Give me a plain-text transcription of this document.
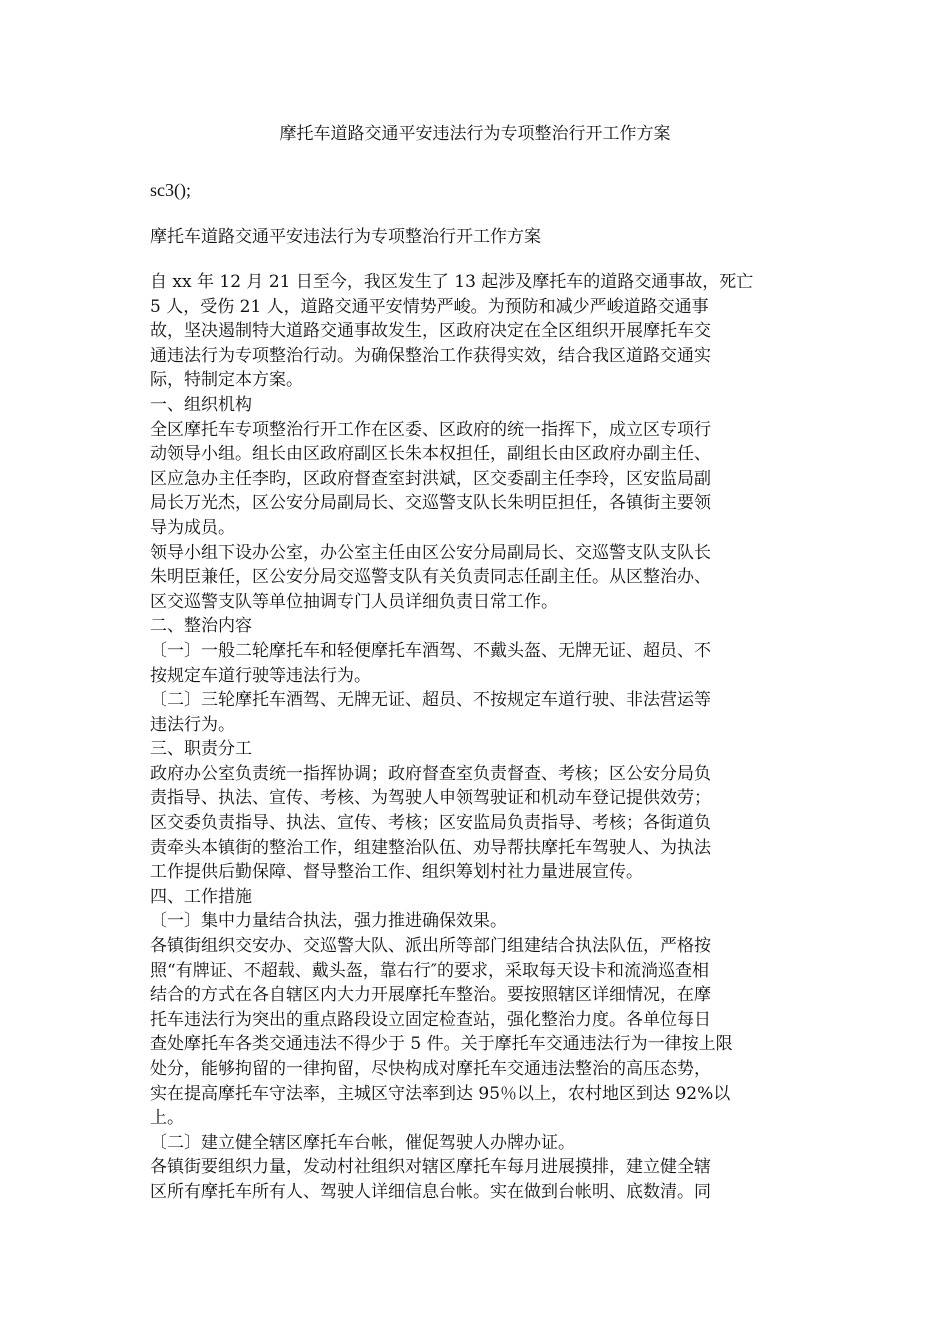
摩托车道路交通平安违法行为专项整治行开工作方案
sc3();
摩托车道路交通平安违法行为专项整治行开工作方案

自 xx 年 12 月 21 日至今，我区发生了 13 起涉及摩托车的道路交通事故，死亡

5 人，受伤 21 人，道路交通平安情势严峻。为预防和减少严峻道路交通事

故，坚决遏制特大道路交通事故发生，区政府决定在全区组织开展摩托车交

通违法行为专项整治行动。为确保整治工作获得实效，结合我区道路交通实

际，特制定本方案。

一、组织机构

全区摩托车专项整治行开工作在区委、区政府的统一指挥下，成立区专项行

动领导小组。组长由区政府副区长朱本权担任，副组长由区政府办副主任、

区应急办主任李昀，区政府督查室封洪斌，区交委副主任李玲，区安监局副

局长万光杰，区公安分局副局长、交巡警支队长朱明臣担任，各镇街主要领

导为成员。

领导小组下设办公室，办公室主任由区公安分局副局长、交巡警支队支队长

朱明臣兼任，区公安分局交巡警支队有关负责同志任副主任。从区整治办、

区交巡警支队等单位抽调专门人员详细负责日常工作。

二、整治内容

〔一〕一般二轮摩托车和轻便摩托车酒驾、不戴头盔、无牌无证、超员、不

按规定车道行驶等违法行为。

〔二〕三轮摩托车酒驾、无牌无证、超员、不按规定车道行驶、非法营运等

违法行为。

三、职责分工

政府办公室负责统一指挥协调；政府督查室负责督查、考核；区公安分局负

责指导、执法、宣传、考核、为驾驶人申领驾驶证和机动车登记提供效劳；

区交委负责指导、执法、宣传、考核；区安监局负责指导、考核；各街道负

责牵头本镇街的整治工作，组建整治队伍、劝导帮扶摩托车驾驶人、为执法

工作提供后勤保障、督导整治工作、组织筹划村社力量进展宣传。

四、工作措施

〔一〕集中力量结合执法，强力推进确保效果。

各镇街组织交安办、交巡警大队、派出所等部门组建结合执法队伍，严格按

照“有牌证、不超载、戴头盔，靠右行″的要求，采取每天设卡和流淌巡查相

结合的方式在各自辖区内大力开展摩托车整治。要按照辖区详细情况，在摩

托车违法行为突出的重点路段设立固定检查站，强化整治力度。各单位每日

查处摩托车各类交通违法不得少于 5 件。关于摩托车交通违法行为一律按上限

处分，能够拘留的一律拘留，尽快构成对摩托车交通违法整治的高压态势，

实在提高摩托车守法率，主城区守法率到达 95％以上，农村地区到达 92%以

上。

〔二〕建立健全辖区摩托车台帐，催促驾驶人办牌办证。

各镇街要组织力量，发动村社组织对辖区摩托车每月进展摸排，建立健全辖

区所有摩托车所有人、驾驶人详细信息台帐。实在做到台帐明、底数清。同
